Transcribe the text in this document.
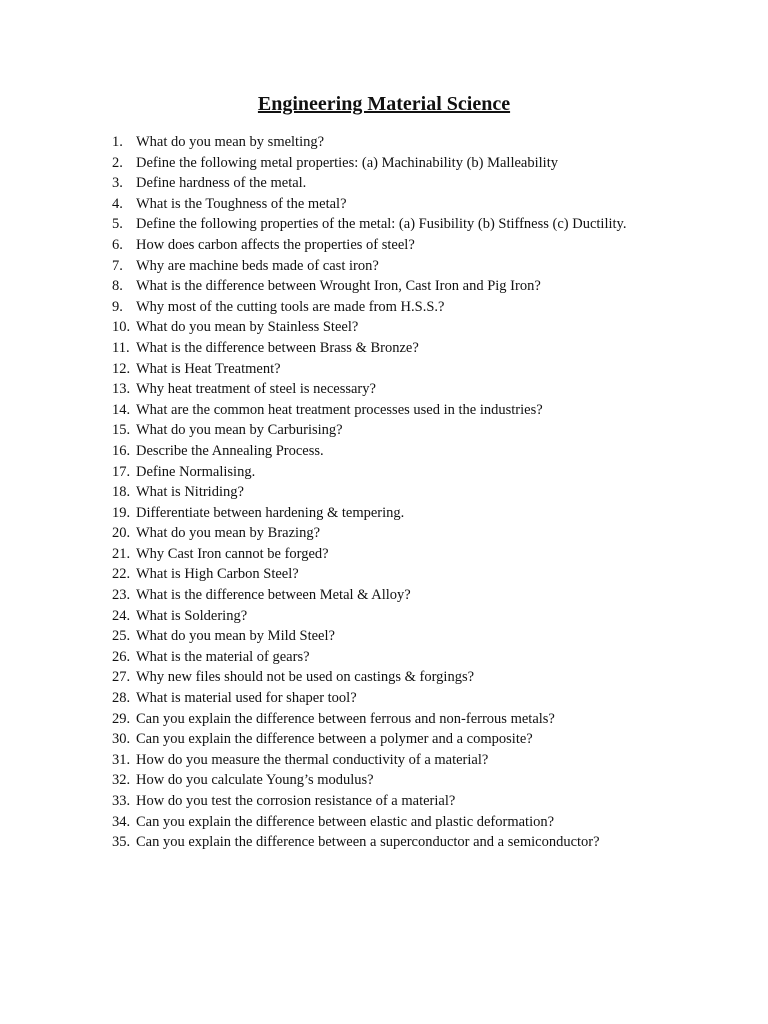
Engineering Material Science
1. What do you mean by smelting?
2. Define the following metal properties: (a) Machinability (b) Malleability
3. Define hardness of the metal.
4. What is the Toughness of the metal?
5. Define the following properties of the metal: (a) Fusibility (b) Stiffness (c) Ductility.
6. How does carbon affects the properties of steel?
7. Why are machine beds made of cast iron?
8. What is the difference between Wrought Iron, Cast Iron and Pig Iron?
9. Why most of the cutting tools are made from H.S.S.?
10. What do you mean by Stainless Steel?
11. What is the difference between Brass & Bronze?
12. What is Heat Treatment?
13. Why heat treatment of steel is necessary?
14. What are the common heat treatment processes used in the industries?
15. What do you mean by Carburising?
16. Describe the Annealing Process.
17. Define Normalising.
18. What is Nitriding?
19. Differentiate between hardening & tempering.
20. What do you mean by Brazing?
21. Why Cast Iron cannot be forged?
22. What is High Carbon Steel?
23. What is the difference between Metal & Alloy?
24. What is Soldering?
25. What do you mean by Mild Steel?
26. What is the material of gears?
27. Why new files should not be used on castings & forgings?
28. What is material used for shaper tool?
29. Can you explain the difference between ferrous and non-ferrous metals?
30. Can you explain the difference between a polymer and a composite?
31. How do you measure the thermal conductivity of a material?
32. How do you calculate Young’s modulus?
33. How do you test the corrosion resistance of a material?
34. Can you explain the difference between elastic and plastic deformation?
35. Can you explain the difference between a superconductor and a semiconductor?
